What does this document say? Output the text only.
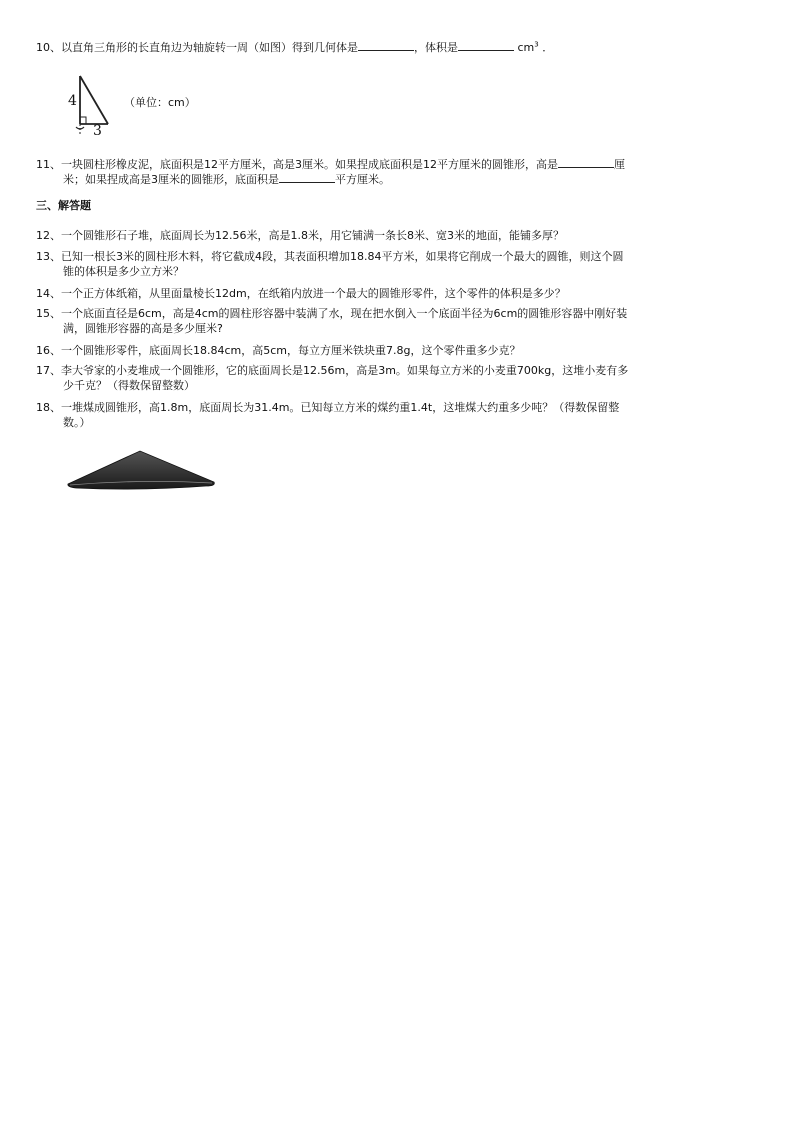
10、以直角三角形的长直角边为轴旋转一周（如图）得到几何体是	，体积是	$cm^3$ ．
4
3
（单位：cm）
11、一块圆柱形橡皮泥，底面积是12平方厘米，高是3厘米。如果捏成底面积是12平方厘米的圆锥形，高是	厘
米；如果捏成高是3厘米的圆锥形，底面积是	平方厘米。
三、解答题
12、一个圆锥形石子堆，底面周长为12.56米，高是1.8米，用它铺满一条长8米、宽3米的地面，能铺多厚？
13、已知一根长3米的圆柱形木料，将它截成4段，其表面积增加18.84平方米，如果将它削成一个最大的圆锥，则这个圆
锥的体积是多少立方米？
14、一个正方体纸箱，从里面量棱长12dm，在纸箱内放进一个最大的圆锥形零件，这个零件的体积是多少？
15、一个底面直径是6cm，高是4cm的圆柱形容器中装满了水，现在把水倒入一个底面半径为6cm的圆锥形容器中刚好装
满，圆锥形容器的高是多少厘米?
16、一个圆锥形零件，底面周长18.84cm，高5cm，每立方厘米铁块重7.8g，这个零件重多少克？
17、李大爷家的小麦堆成一个圆锥形，它的底面周长是12.56m，高是3m。如果每立方米的小麦重700kg，这堆小麦有多
少千克？（得数保留整数）
18、一堆煤成圆锥形，高1.8m，底面周长为31.4m。已知每立方米的煤约重1.4t，这堆煤大约重多少吨？（得数保留整
数。）
